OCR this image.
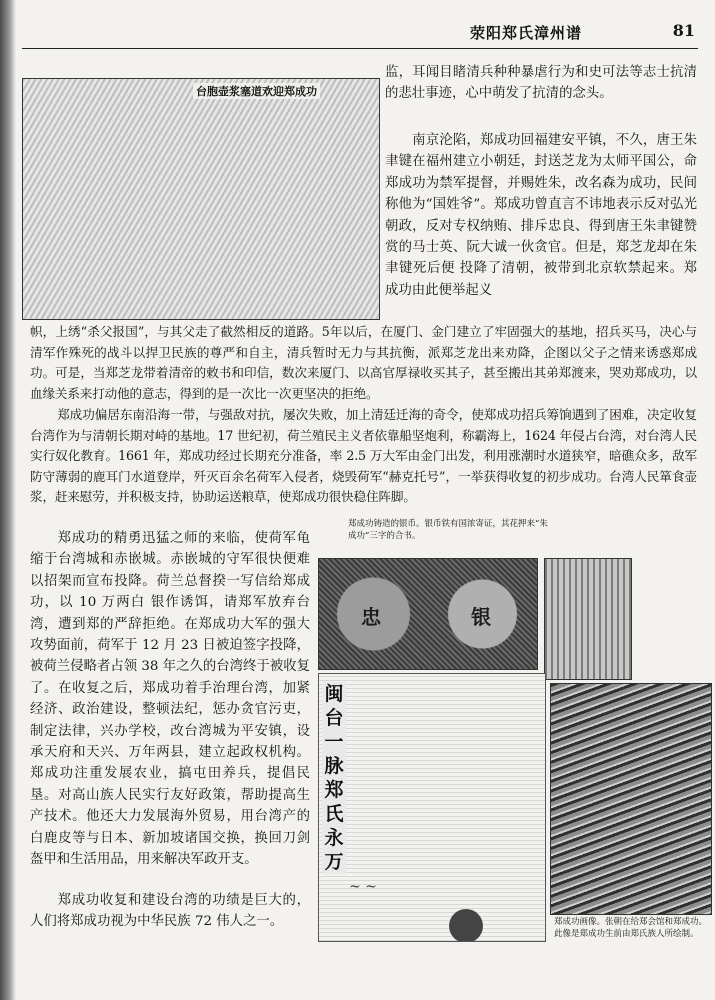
荥阳郑氏漳州谱	81
台胞壶浆塞道欢迎郑成功

监，耳闻目睹清兵种种暴虐行为和史可法等志士抗清的悲壮事迹，心中萌发了抗清的念头。

南京沦陷，郑成功回福建安平镇，不久，唐王朱聿键在福州建立小朝廷，封送芝龙为太师平国公，命郑成功为禁军提督，并赐姓朱，改名森为成功，民间称他为“国姓爷”。郑成功曾直言不讳地表示反对弘光朝政，反对专权纳贿、排斥忠良、得到唐王朱聿键赞赏的马士英、阮大诚一伙贪官。但是，郑芝龙却在朱聿键死后便 投降了清朝，被带到北京软禁起来。郑成功由此便举起义

帜，上绣“杀父报国”，与其父走了截然相反的道路。5年以后，在厦门、金门建立了牢固强大的基地，招兵买马，决心与清军作殊死的战斗以捍卫民族的尊严和自主，清兵暂时无力与其抗衡，派郑芝龙出来劝降，企图以父子之情来诱惑郑成功。可是，当郑芝龙带着清帝的敕书和印信，数次来厦门、以高官厚禄收买其子，甚至搬出其弟郑渡来，哭劝郑成功，以血缘关系来打动他的意志，得到的是一次比一次更坚决的拒绝。

郑成功偏居东南沿海一带，与强敌对抗，屡次失败，加上清廷迁海的奇令，使郑成功招兵筹饷遇到了困难，决定收复台湾作为与清朝长期对峙的基地。17 世纪初，荷兰殖民主义者依靠船坚炮利，称霸海上，1624 年侵占台湾，对台湾人民实行奴化教育。1661 年，郑成功经过长期充分准备，率 2.5 万大军由金门出发，利用涨潮时水道狭窄，暗礁众多，敌军防守薄弱的鹿耳门水道登岸，歼灭百余名荷军入侵者，烧毁荷军“赫克托号”，一举获得收复的初步成功。台湾人民箪食壶浆，赶来慰劳，并积极支持，协助运送粮草，使郑成功很快稳住阵脚。

郑成功的精勇迅猛之师的来临，使荷军龟缩于台湾城和赤嵌城。赤嵌城的守军很快便难以招架而宣布投降。荷兰总督揆一写信给郑成功，以 10 万两白 银作诱饵，请郑军放弃台 湾，遭到郑的严辞拒绝。在郑成功大军的强大攻势面前，荷军于 12 月 23 日被迫签字投降，被荷兰侵略者占领 38 年之久的台湾终于被收复了。在收复之后，郑成功着手治理台湾，加紧经济、政治建设，整顿法纪，惩办贪官污吏，制定法律，兴办学校，改台湾城为平安镇，设承天府和天兴、万年两县，建立起政权机构。郑成功注重发展农业，搞屯田养兵，提倡民垦。对高山族人民实行友好政策，帮助提高生产技术。他还大力发展海外贸易，用台湾产的白鹿皮等与日本、新加坡诸国交换，换回刀剑盔甲和生活用品，用来解决军政开支。

郑成功收复和建设台湾的功绩是巨大的，人们将郑成功视为中华民族 72 伟人之一。

郑成功铸造的银币。银币铁有国浓寄证，其花押来“朱成功”三字的合书。
忠	银
闽台一脉 郑氏永万
~ ~
郑成功画像。张朝在给郑会馆和郑成功。此像是郑成功生前由郑氏族人所绘制。
